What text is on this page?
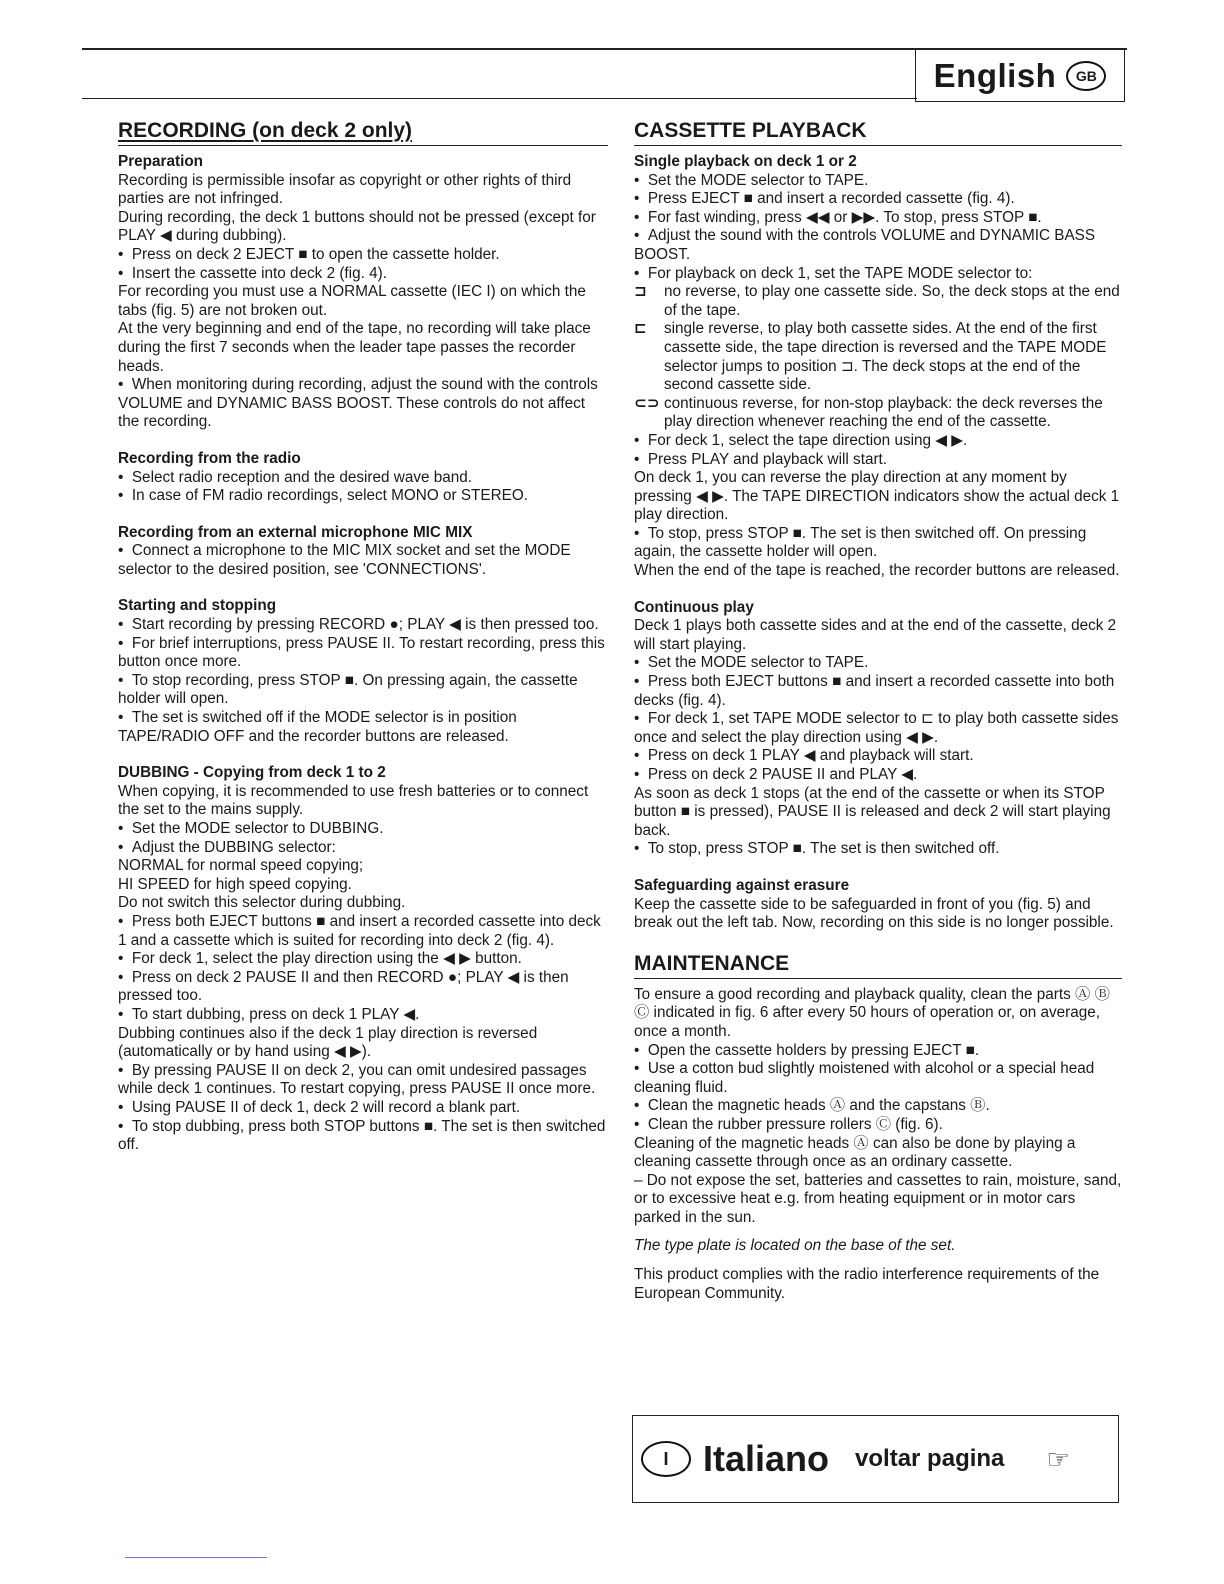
English	GB
RECORDING (on deck 2 only)

Preparation

Recording is permissible insofar as copyright or other rights of third parties are not infringed.

During recording, the deck 1 buttons should not be pressed (except for PLAY ◀ during dubbing).

•  Press on deck 2 EJECT ■ to open the cassette holder.

•  Insert the cassette into deck 2 (fig. 4).

For recording you must use a NORMAL cassette (IEC I) on which the tabs (fig. 5) are not broken out.

At the very beginning and end of the tape, no recording will take place during the first 7 seconds when the leader tape passes the recorder heads.

•  When monitoring during recording, adjust the sound with the controls VOLUME and DYNAMIC BASS BOOST. These controls do not affect the recording.

Recording from the radio

•  Select radio reception and the desired wave band.

•  In case of FM radio recordings, select MONO or STEREO.

Recording from an external microphone MIC MIX

•  Connect a microphone to the MIC MIX socket and set the MODE selector to the desired position, see 'CONNECTIONS'.

Starting and stopping

•  Start recording by pressing RECORD ●; PLAY ◀ is then pressed too.

•  For brief interruptions, press PAUSE II. To restart recording, press this button once more.

•  To stop recording, press STOP ■. On pressing again, the cassette holder will open.

•  The set is switched off if the MODE selector is in position TAPE/RADIO OFF and the recorder buttons are released.

DUBBING - Copying from deck 1 to 2

When copying, it is recommended to use fresh batteries or to connect the set to the mains supply.

•  Set the MODE selector to DUBBING.

•  Adjust the DUBBING selector:

NORMAL for normal speed copying;

HI SPEED for high speed copying.

Do not switch this selector during dubbing.

•  Press both EJECT buttons ■ and insert a recorded cassette into deck 1 and a cassette which is suited for recording into deck 2 (fig. 4).

•  For deck 1, select the play direction using the ◀ ▶ button.

•  Press on deck 2 PAUSE II and then RECORD ●; PLAY ◀ is then pressed too.

•  To start dubbing, press on deck 1 PLAY ◀.

Dubbing continues also if the deck 1 play direction is reversed (automatically or by hand using ◀ ▶).

•  By pressing PAUSE II on deck 2, you can omit undesired passages while deck 1 continues. To restart copying, press PAUSE II once more.

•  Using PAUSE II of deck 1, deck 2 will record a blank part.

•  To stop dubbing, press both STOP buttons ■. The set is then switched off.

CASSETTE PLAYBACK

Single playback on deck 1 or 2

•  Set the MODE selector to TAPE.

•  Press EJECT ■ and insert a recorded cassette (fig. 4).

•  For fast winding, press ◀◀ or ▶▶. To stop, press STOP ■.

•  Adjust the sound with the controls VOLUME and DYNAMIC BASS BOOST.

•  For playback on deck 1, set the TAPE MODE selector to:

⊐ no reverse, to play one cassette side. So, the deck stops at the end of the tape.

⊏ single reverse, to play both cassette sides. At the end of the first cassette side, the tape direction is reversed and the TAPE MODE selector jumps to position ⊐. The deck stops at the end of the second cassette side.

⊂⊃ continuous reverse, for non-stop playback: the deck reverses the play direction whenever reaching the end of the cassette.

•  For deck 1, select the tape direction using ◀ ▶.

•  Press PLAY and playback will start.

On deck 1, you can reverse the play direction at any moment by pressing ◀ ▶. The TAPE DIRECTION indicators show the actual deck 1 play direction.

•  To stop, press STOP ■. The set is then switched off. On pressing again, the cassette holder will open.

When the end of the tape is reached, the recorder buttons are released.

Continuous play

Deck 1 plays both cassette sides and at the end of the cassette, deck 2 will start playing.

•  Set the MODE selector to TAPE.

•  Press both EJECT buttons ■ and insert a recorded cassette into both decks (fig. 4).

•  For deck 1, set TAPE MODE selector to ⊏ to play both cassette sides once and select the play direction using ◀ ▶.

•  Press on deck 1 PLAY ◀ and playback will start.

•  Press on deck 2 PAUSE II and PLAY ◀.

As soon as deck 1 stops (at the end of the cassette or when its STOP button ■ is pressed), PAUSE II is released and deck 2 will start playing back.

•  To stop, press STOP ■. The set is then switched off.

Safeguarding against erasure

Keep the cassette side to be safeguarded in front of you (fig. 5) and break out the left tab. Now, recording on this side is no longer possible.

MAINTENANCE

To ensure a good recording and playback quality, clean the parts Ⓐ Ⓑ Ⓒ indicated in fig. 6 after every 50 hours of operation or, on average, once a month.

•  Open the cassette holders by pressing EJECT ■.

•  Use a cotton bud slightly moistened with alcohol or a special head cleaning fluid.

•  Clean the magnetic heads Ⓐ and the capstans Ⓑ.

•  Clean the rubber pressure rollers Ⓒ (fig. 6).

Cleaning of the magnetic heads Ⓐ can also be done by playing a cleaning cassette through once as an ordinary cassette.

– Do not expose the set, batteries and cassettes to rain, moisture, sand, or to excessive heat e.g. from heating equipment or in motor cars parked in the sun.

The type plate is located on the base of the set.

This product complies with the radio interference requirements of the European Community.

I Italiano voltar pagina ☞
